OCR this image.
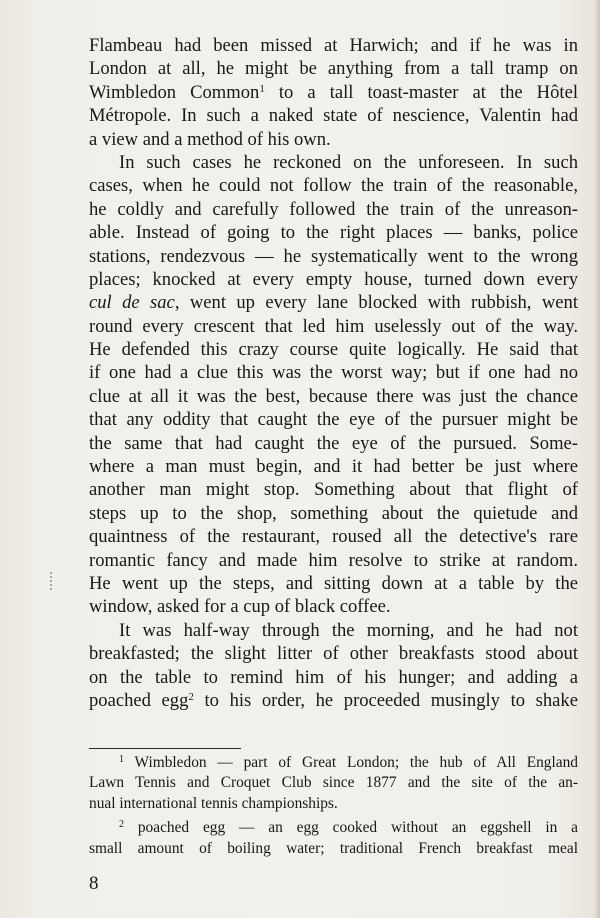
Flambeau had been missed at Harwich; and if he was in
London at all, he might be anything from a tall tramp on
Wimbledon Common$^1$ to a tall toast-master at the Hôtel
Métropole. In such a naked state of nescience, Valentin had
a view and a method of his own.
In such cases he reckoned on the unforeseen. In such
cases, when he could not follow the train of the reasonable,
he coldly and carefully followed the train of the unreason-
able. Instead of going to the right places — banks, police
stations, rendezvous — he systematically went to the wrong
places; knocked at every empty house, turned down every
cul de sac, went up every lane blocked with rubbish, went
round every crescent that led him uselessly out of the way.
He defended this crazy course quite logically. He said that
if one had a clue this was the worst way; but if one had no
clue at all it was the best, because there was just the chance
that any oddity that caught the eye of the pursuer might be
the same that had caught the eye of the pursued. Some-
where a man must begin, and it had better be just where
another man might stop. Something about that flight of
steps up to the shop, something about the quietude and
quaintness of the restaurant, roused all the detective's rare
romantic fancy and made him resolve to strike at random.
He went up the steps, and sitting down at a table by the
window, asked for a cup of black coffee.
It was half-way through the morning, and he had not
breakfasted; the slight litter of other breakfasts stood about
on the table to remind him of his hunger; and adding a
poached egg$^2$ to his order, he proceeded musingly to shake
$^1$ Wimbledon — part of Great London; the hub of All England
Lawn Tennis and Croquet Club since 1877 and the site of the an-
nual international tennis championships.
$^2$ poached egg — an egg cooked without an eggshell in a
small amount of boiling water; traditional French breakfast meal
8
